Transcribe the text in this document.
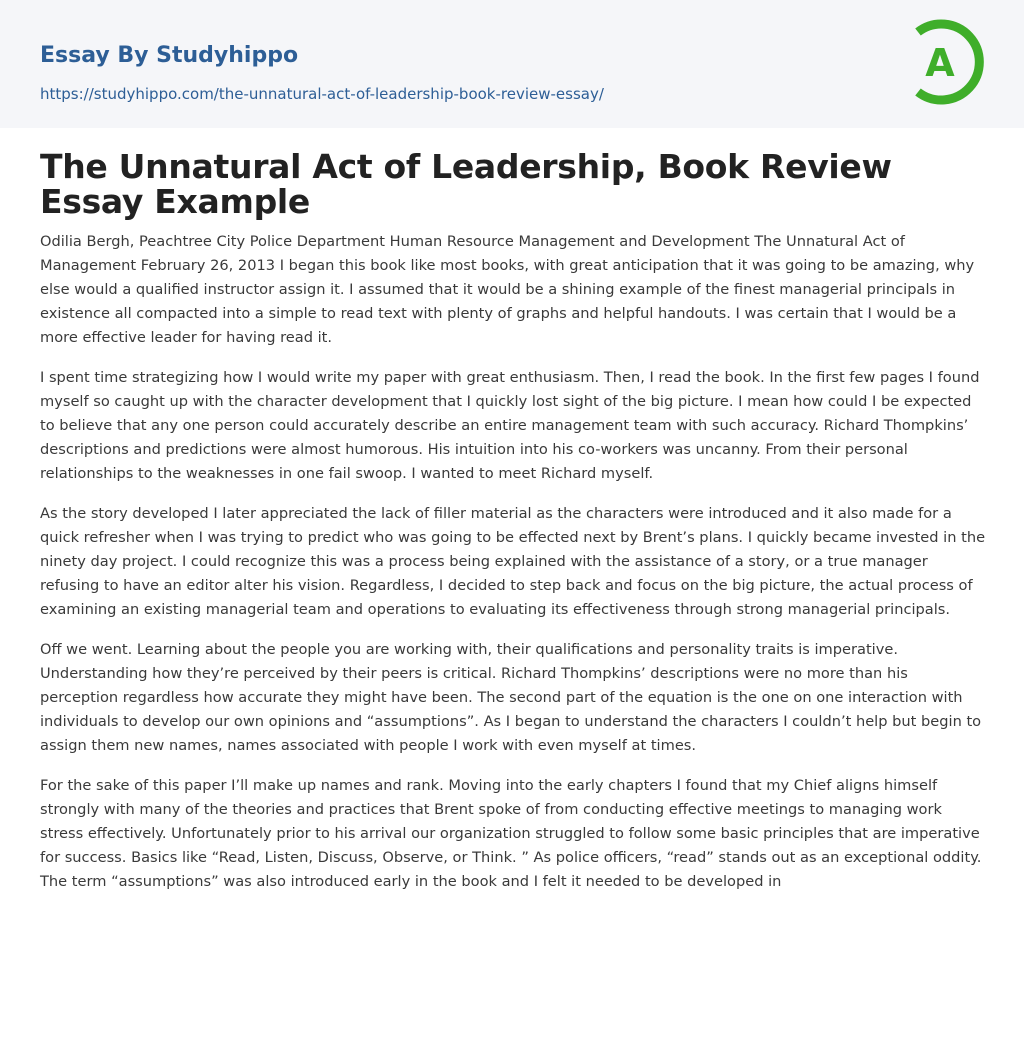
Essay By Studyhippo
https://studyhippo.com/the-unnatural-act-of-leadership-book-review-essay/
A
The Unnatural Act of Leadership, Book Review Essay Example

Odilia Bergh, Peachtree City Police Department Human Resource Management and Development The Unnatural Act of Management February 26, 2013 I began this book like most books, with great anticipation that it was going to be amazing, why else would a qualified instructor assign it. I assumed that it would be a shining example of the finest managerial principals in existence all compacted into a simple to read text with plenty of graphs and helpful handouts. I was certain that I would be a more effective leader for having read it.

I spent time strategizing how I would write my paper with great enthusiasm. Then, I read the book. In the first few pages I found myself so caught up with the character development that I quickly lost sight of the big picture. I mean how could I be expected to believe that any one person could accurately describe an entire management team with such accuracy. Richard Thompkins’ descriptions and predictions were almost humorous. His intuition into his co-workers was uncanny. From their personal relationships to the weaknesses in one fail swoop. I wanted to meet Richard myself.

As the story developed I later appreciated the lack of filler material as the characters were introduced and it also made for a quick refresher when I was trying to predict who was going to be effected next by Brent’s plans. I quickly became invested in the ninety day project. I could recognize this was a process being explained with the assistance of a story, or a true manager refusing to have an editor alter his vision. Regardless, I decided to step back and focus on the big picture, the actual process of examining an existing managerial team and operations to evaluating its effectiveness through strong managerial principals.

Off we went. Learning about the people you are working with, their qualifications and personality traits is imperative. Understanding how they’re perceived by their peers is critical. Richard Thompkins’ descriptions were no more than his perception regardless how accurate they might have been. The second part of the equation is the one on one interaction with individuals to develop our own opinions and “assumptions”. As I began to understand the characters I couldn’t help but begin to assign them new names, names associated with people I work with even myself at times.

For the sake of this paper I’ll make up names and rank. Moving into the early chapters I found that my Chief aligns himself strongly with many of the theories and practices that Brent spoke of from conducting effective meetings to managing work stress effectively. Unfortunately prior to his arrival our organization struggled to follow some basic principles that are imperative for success. Basics like “Read, Listen, Discuss, Observe, or Think. ” As police officers, “read” stands out as an exceptional oddity. The term “assumptions” was also introduced early in the book and I felt it needed to be developed in
